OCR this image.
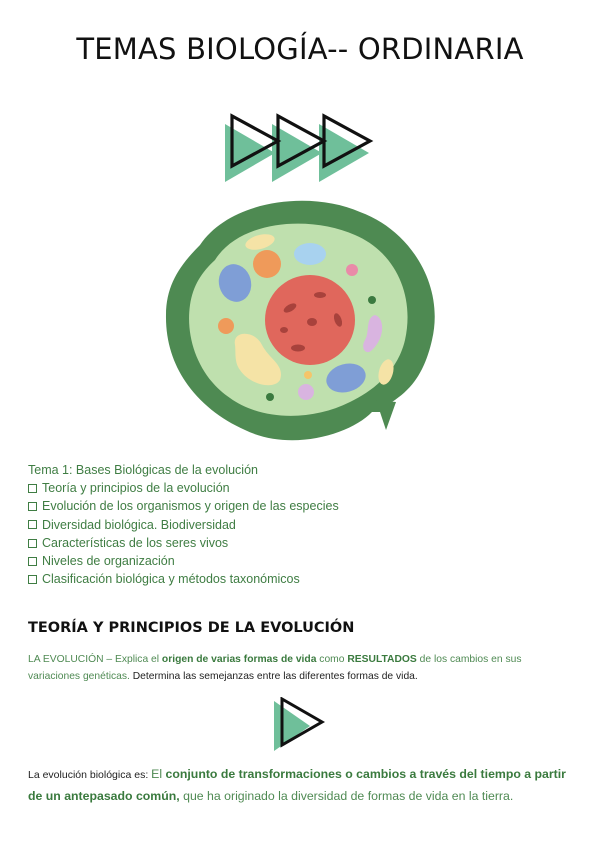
TEMAS BIOLOGÍA-- ORDINARIA
Tema 1: Bases Biológicas de la evolución
Teoría y principios de la evolución
Evolución de los organismos y origen de las especies
Diversidad biológica. Biodiversidad
Características de los seres vivos
Niveles de organización
Clasificación biológica y métodos taxonómicos
TEORÍA Y PRINCIPIOS DE LA EVOLUCIÓN
LA EVOLUCIÓN – Explica el origen de varias formas de vida como RESULTADOS de los cambios en sus variaciones genéticas. Determina las semejanzas entre las diferentes formas de vida.
La evolución biológica es: El conjunto de transformaciones o cambios a través del tiempo a partir de un antepasado común, que ha originado la diversidad de formas de vida en la tierra.
